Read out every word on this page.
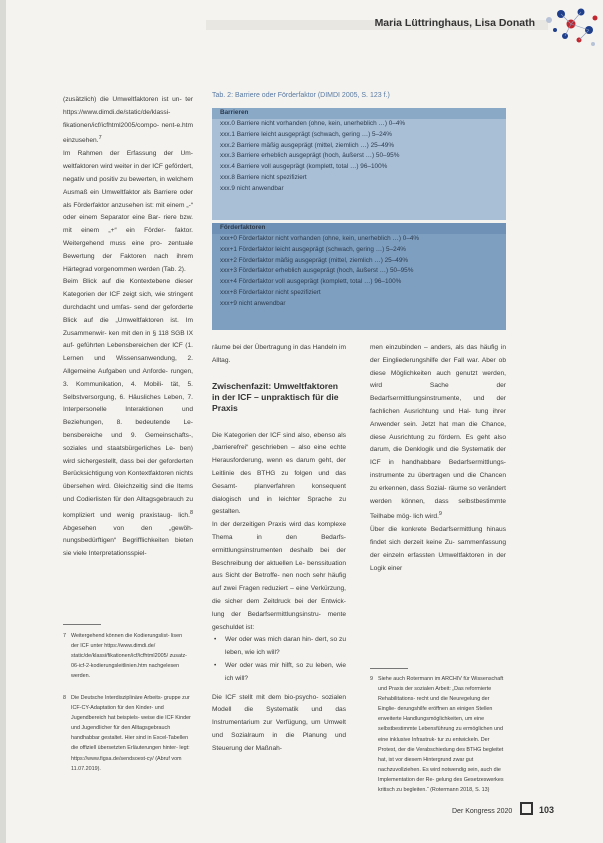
Maria Lüttringhaus, Lisa Donath

(zusätzlich) die Umweltfaktoren ist un- ter https://www.dimdi.de/static/de/klassi- fikationen/icf/icfhtml2005/compo- nent-e.htm einzusehen.$^7$

Im Rahmen der Erfassung der Um- weltfaktoren wird weiter in der ICF gefördert, negativ und positiv zu bewerten, in welchem Ausmaß ein Umweltfaktor als Barriere oder als Förderfaktor anzusehen ist: mit einem „-“ oder einem Separator eine Bar- riere bzw. mit einem „+“ ein Förder- faktor. Weitergehend muss eine pro- zentuale Bewertung der Faktoren nach ihrem Härtegrad vorgenommen werden (Tab. 2).

Beim Blick auf die Kontextebene dieser Kategorien der ICF zeigt sich, wie stringent durchdacht und umfas- send der geforderte Blick auf die „Umweltfaktoren ist. Im Zusammenwir- ken mit den in § 118 SGB IX auf- geführten Lebensbereichen der ICF (1. Lernen und Wissensanwendung, 2. Allgemeine Aufgaben und Anforde- rungen, 3. Kommunikation, 4. Mobili- tät, 5. Selbstversorgung, 6. Häusliches Leben, 7. Interpersonelle Interaktionen und Beziehungen, 8. bedeutende Le- bensbereiche und 9. Gemeinschafts-, soziales und staatsbürgerliches Le- ben) wird sichergestellt, dass bei der geforderten Berücksichtigung von Kontextfaktoren nichts übersehen wird. Gleichzeitig sind die Items und Codierlisten für den Alltagsgebrauch zu kompliziert und wenig praxistaug- lich.$^8$ Abgesehen von den „gewöh- nungsbedürftigen“ Begrifflichkeiten bieten sie viele Interpretationsspiel-

Tab. 2: Barriere oder Förderfaktor (DIMDI 2005, S. 123 f.)
Barrieren
xxx.0 Barriere nicht vorhanden (ohne, kein, unerheblich …) 0–4%
xxx.1 Barriere leicht ausgeprägt (schwach, gering …) 5–24%
xxx.2 Barriere mäßig ausgeprägt (mittel, ziemlich …) 25–49%
xxx.3 Barriere erheblich ausgeprägt (hoch, äußerst …) 50–95%
xxx.4 Barriere voll ausgeprägt (komplett, total …) 96–100%
xxx.8 Barriere nicht spezifiziert
xxx.9 nicht anwendbar
Förderfaktoren
xxx+0 Förderfaktor nicht vorhanden (ohne, kein, unerheblich …) 0–4%
xxx+1 Förderfaktor leicht ausgeprägt (schwach, gering …) 5–24%
xxx+2 Förderfaktor mäßig ausgeprägt (mittel, ziemlich …) 25–49%
xxx+3 Förderfaktor erheblich ausgeprägt (hoch, äußerst …) 50–95%
xxx+4 Förderfaktor voll ausgeprägt (komplett, total …) 96–100%
xxx+8 Förderfaktor nicht spezifiziert
xxx+9 nicht anwendbar

räume bei der Übertragung in das Handeln im Alltag.

Zwischenfazit: Umweltfaktoren in der ICF – unpraktisch für die Praxis

Die Kategorien der ICF sind also, ebenso als „barrierefrei“ geschrieben – also eine echte Herausforderung, wenn es darum geht, der Leitlinie des BTHG zu folgen und das Gesamt- planverfahren konsequent dialogisch und in leichter Sprache zu gestalten.

In der derzeitigen Praxis wird das komplexe Thema in den Bedarfs- ermittlungsinstrumenten deshalb bei der Beschreibung der aktuellen Le- benssituation aus Sicht der Betroffe- nen noch sehr häufig auf zwei Fragen reduziert – eine Verkürzung, die sicher dem Zeitdruck bei der Entwick- lung der Bedarfsermittlungsinstru- mente geschuldet ist:

• Wer oder was mich daran hin- dert, so zu leben, wie ich will?
• Wer oder was mir hilft, so zu leben, wie ich will?

Die ICF stellt mit dem bio-psycho- sozialen Modell die Systematik und das Instrumentarium zur Verfügung, um Umwelt und Sozialraum in die Planung und Steuerung der Maßnah-

men einzubinden – anders, als das häufig in der Eingliederungshilfe der Fall war. Aber ob diese Möglichkeiten auch genutzt werden, wird Sache der Bedarfsermittlungsinstrumente, und der fachlichen Ausrichtung und Hal- tung ihrer Anwender sein. Jetzt hat man die Chance, diese Ausrichtung zu fördern. Es geht also darum, die Denklogik und die Systematik der ICF in handhabbare Bedarfsermittlungs- instrumente zu übertragen und die Chancen zu erkennen, dass Sozial- räume so verändert werden können, dass selbstbestimmte Teilhabe mög- lich wird.$^9$

Über die konkrete Bedarfsermittlung hinaus findet sich derzeit keine Zu- sammenfassung der einzeln erfassten Umweltfaktoren in der Logik einer

7 Weitergehend können die Kodierungslist- lisen der ICF unter https://www.dimdi.de/ static/de/klassi/fikationen/icf/icfhtml2005/ zusatz-06-icf-2-kodierungsleitlinien.htm nachgelesen werden.
8 Die Deutsche Interdisziplinäre Arbeits- gruppe zur ICF-CY-Adaptation für den Kinder- und Jugendbereich hat beispiels- weise die ICF Kinder und Jugendlicher für den Alltagsgebrauch handhabbar gestaltet. Hier sind in Excel-Tabellen die offiziell übersetzten Erläuterungen hinter- legt: https://www.figsa.de/sendsoest-cy/ (Abruf vom 11.07.2019).
9 Siehe auch Rotermann im ARCHIV für Wissenschaft und Praxis der sozialen Arbeit: „Das reformierte Rehabilitations- recht und die Neuregelung der Einglie- derungshilfe eröffnen an einigen Stellen erweiterte Handlungsmöglichkeiten, um eine selbstbestimmte Lebensführung zu ermöglichen und eine inklusive Infrastruk- tur zu entwickeln. Der Protest, der die Verabschiedung des BTHG begleitet hat, ist vor diesem Hintergrund zwar gut nachzuvollziehen. Es wird notwendig sein, auch die Implementation der Re- gelung des Gesetzeswerkes kritisch zu begleiten.“ (Rotermann 2018, S. 13)
Der Kongress 2020	103
